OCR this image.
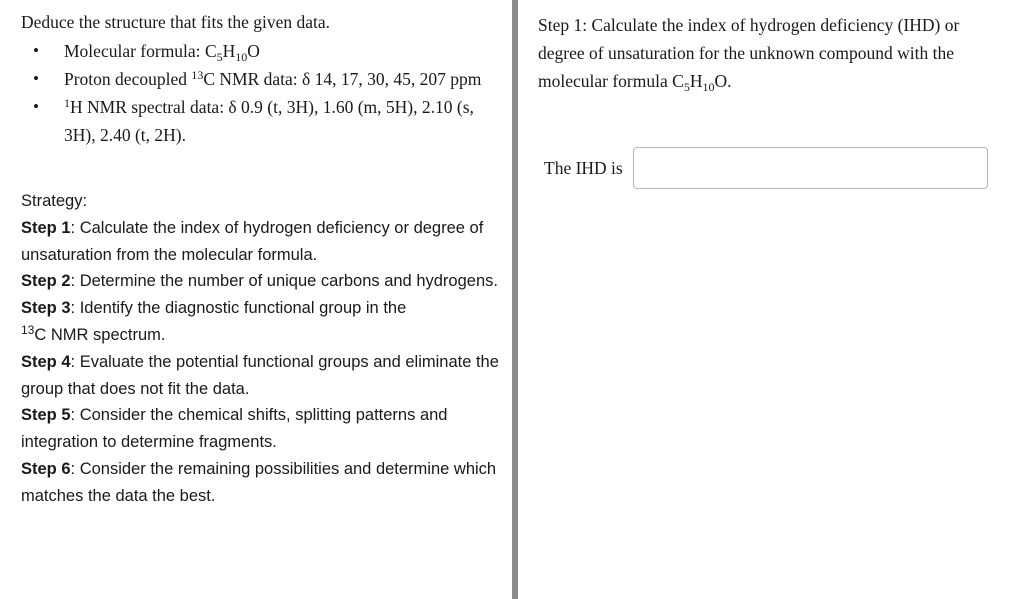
Deduce the structure that fits the given data.

• Molecular formula: $C_5H_{10}O$
• Proton decoupled $^{13}$C NMR data: δ 14, 17, 30, 45, 207 ppm
• $^1$H NMR spectral data: δ 0.9 (t, 3H), 1.60 (m, 5H), 2.10 (s, 3H), 2.40 (t, 2H).
Strategy:
Step 1: Calculate the index of hydrogen deficiency or degree of unsaturation from the molecular formula.
Step 2: Determine the number of unique carbons and hydrogens.
Step 3: Identify the diagnostic functional group in the
$^{13}$C NMR spectrum.
Step 4: Evaluate the potential functional groups and eliminate the group that does not fit the data.
Step 5: Consider the chemical shifts, splitting patterns and integration to determine fragments.
Step 6: Consider the remaining possibilities and determine which matches the data the best.

Step 1: Calculate the index of hydrogen deficiency (IHD) or degree of unsaturation for the unknown compound with the molecular formula $C_5H_{10}O$.

The IHD is
